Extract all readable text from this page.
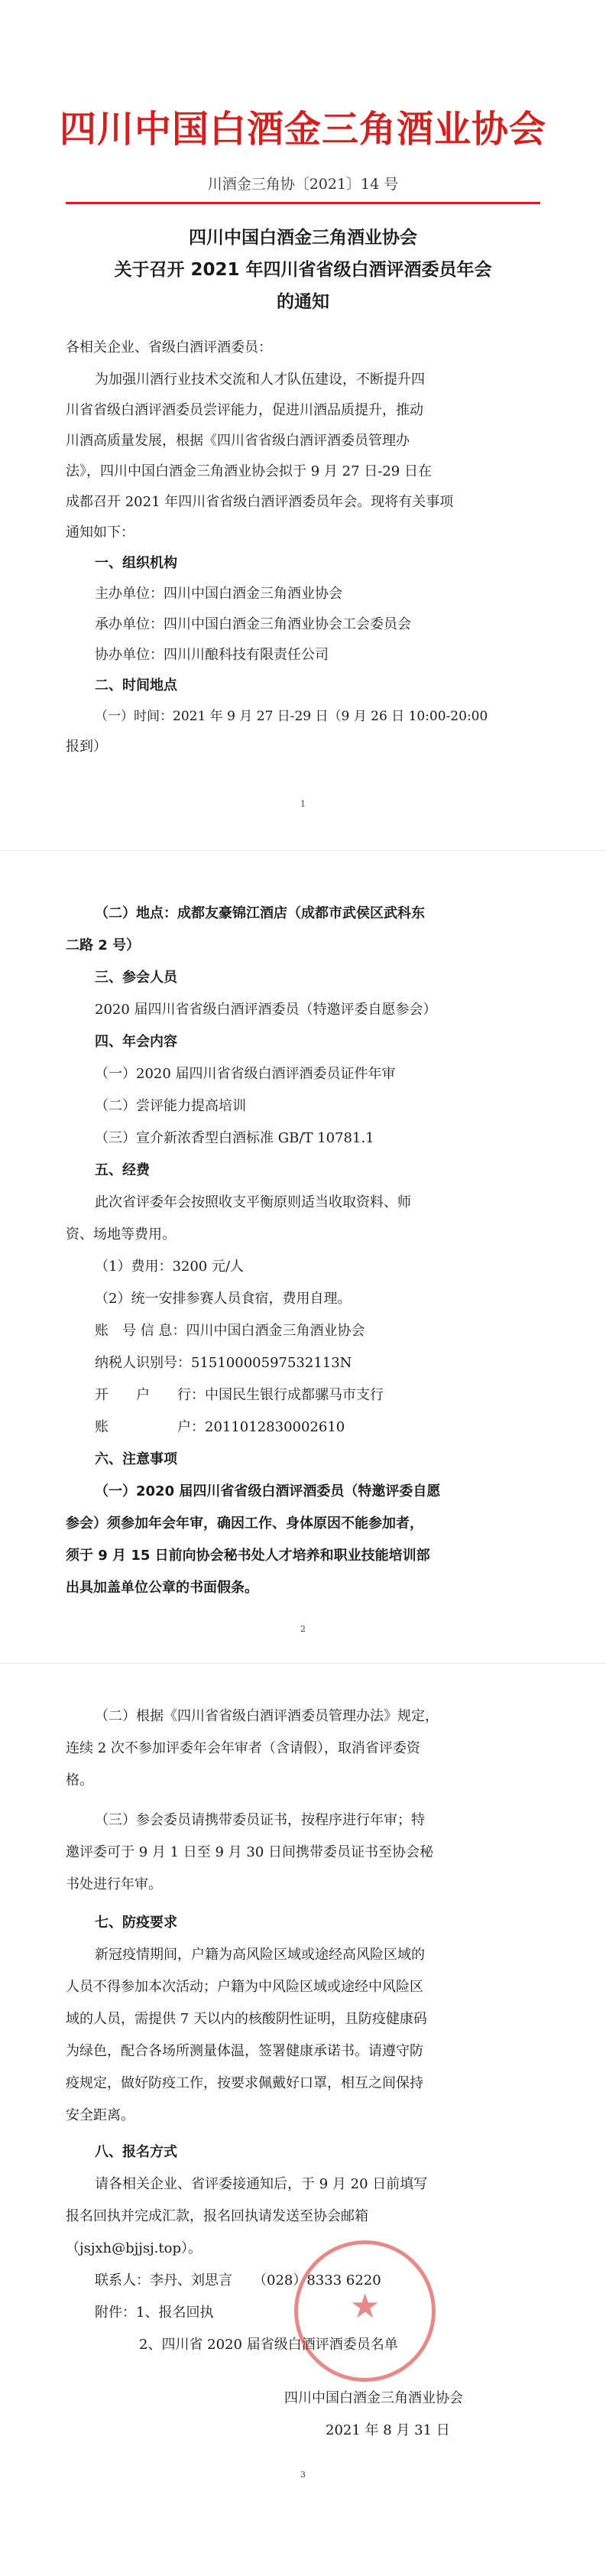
四川中国白酒金三角酒业协会
川酒金三角协〔2021〕14 号
四川中国白酒金三角酒业协会
关于召开 2021 年四川省省级白酒评酒委员年会
的通知
各相关企业、省级白酒评酒委员：
为加强川酒行业技术交流和人才队伍建设，不断提升四
川省省级白酒评酒委员尝评能力，促进川酒品质提升，推动
川酒高质量发展，根据《四川省省级白酒评酒委员管理办
法》，四川中国白酒金三角酒业协会拟于 9 月 27 日-29 日在
成都召开 2021 年四川省省级白酒评酒委员年会。现将有关事项
通知如下：
一、组织机构
主办单位：四川中国白酒金三角酒业协会
承办单位：四川中国白酒金三角酒业协会工会委员会
协办单位：四川川酿科技有限责任公司
二、时间地点
（一）时间：2021 年 9 月 27 日-29 日（9 月 26 日 10:00-20:00
报到）
1
（二）地点：成都友豪锦江酒店（成都市武侯区武科东
二路 2 号）
三、参会人员
2020 届四川省省级白酒评酒委员（特邀评委自愿参会）
四、年会内容
（一）2020 届四川省省级白酒评酒委员证件年审
（二）尝评能力提高培训
（三）宣介新浓香型白酒标准 GB/T 10781.1
五、经费
此次省评委年会按照收支平衡原则适当收取资料、师
资、场地等费用。
（1）费用：3200 元/人
（2）统一安排参赛人员食宿，费用自理。
账　号 信 息：四川中国白酒金三角酒业协会
纳税人识别号：51510000597532113N
开　　户　　行：中国民生银行成都骡马市支行
账　　　　　户：2011012830002610
六、注意事项
（一）2020 届四川省省级白酒评酒委员（特邀评委自愿
参会）须参加年会年审，确因工作、身体原因不能参加者，
须于 9 月 15 日前向协会秘书处人才培养和职业技能培训部
出具加盖单位公章的书面假条。
2
（二）根据《四川省省级白酒评酒委员管理办法》规定，
连续 2 次不参加评委年会年审者（含请假），取消省评委资
格。
（三）参会委员请携带委员证书，按程序进行年审；特
邀评委可于 9 月 1 日至 9 月 30 日间携带委员证书至协会秘
书处进行年审。
七、防疫要求
新冠疫情期间，户籍为高风险区域或途经高风险区域的
人员不得参加本次活动；户籍为中风险区域或途经中风险区
域的人员，需提供 7 天以内的核酸阴性证明，且防疫健康码
为绿色，配合各场所测量体温，签署健康承诺书。请遵守防
疫规定，做好防疫工作，按要求佩戴好口罩，相互之间保持
安全距离。
八、报名方式
请各相关企业、省评委接通知后，于 9 月 20 日前填写
报名回执并完成汇款，报名回执请发送至协会邮箱
（jsjxh@bjjsj.top）。
联系人：李丹、刘思言　　（028）8333 6220
附件：1、报名回执
2、四川省 2020 届省级白酒评酒委员名单
四川中国白酒金三角酒业协会
2021 年 8 月 31 日
3
★
